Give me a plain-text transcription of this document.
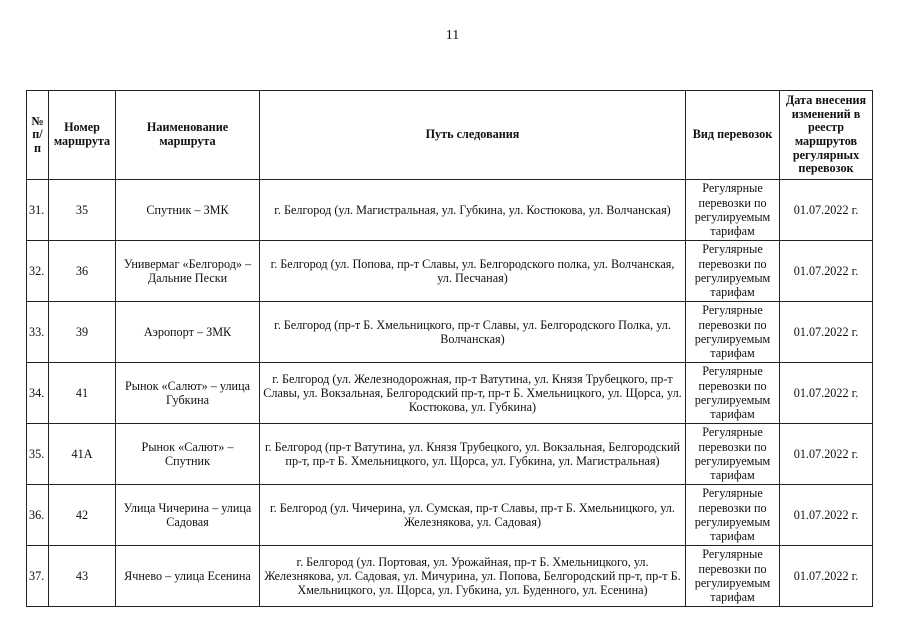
11
№ п/п	Номер маршрута	Наименование маршрута	Путь следования	Вид перевозок	Дата внесения изменений в реестр маршрутов регулярных перевозок
31.	35	Спутник – ЗМК	г. Белгород (ул. Магистральная, ул. Губкина, ул. Костюкова, ул. Волчанская)	Регулярные перевозки по регулируемым тарифам	01.07.2022 г.
32.	36	Универмаг «Белгород» – Дальние Пески	г. Белгород (ул. Попова, пр-т Славы, ул. Белгородского полка, ул. Волчанская, ул. Песчаная)	Регулярные перевозки по регулируемым тарифам	01.07.2022 г.
33.	39	Аэропорт – ЗМК	г. Белгород (пр-т Б. Хмельницкого, пр-т Славы, ул. Белгородского Полка, ул. Волчанская)	Регулярные перевозки по регулируемым тарифам	01.07.2022 г.
34.	41	Рынок «Салют» – улица Губкина	г. Белгород (ул. Железнодорожная, пр-т Ватутина, ул. Князя Трубецкого, пр-т Славы, ул. Вокзальная, Белгородский пр-т, пр-т Б. Хмельницкого, ул. Щорса, ул. Костюкова, ул. Губкина)	Регулярные перевозки по регулируемым тарифам	01.07.2022 г.
35.	41А	Рынок «Салют» – Спутник	г. Белгород (пр-т Ватутина, ул. Князя Трубецкого, ул. Вокзальная, Белгородский пр-т, пр-т Б. Хмельницкого, ул. Щорса, ул. Губкина, ул. Магистральная)	Регулярные перевозки по регулируемым тарифам	01.07.2022 г.
36.	42	Улица Чичерина – улица Садовая	г. Белгород (ул. Чичерина, ул. Сумская, пр-т Славы, пр-т Б. Хмельницкого, ул. Железнякова, ул. Садовая)	Регулярные перевозки по регулируемым тарифам	01.07.2022 г.
37.	43	Ячнево – улица Есенина	г. Белгород (ул. Портовая, ул. Урожайная, пр-т Б. Хмельницкого, ул. Железнякова, ул. Садовая, ул. Мичурина, ул. Попова, Белгородский пр-т, пр-т Б. Хмельницкого, ул. Щорса, ул. Губкина, ул. Буденного, ул. Есенина)	Регулярные перевозки по регулируемым тарифам	01.07.2022 г.
